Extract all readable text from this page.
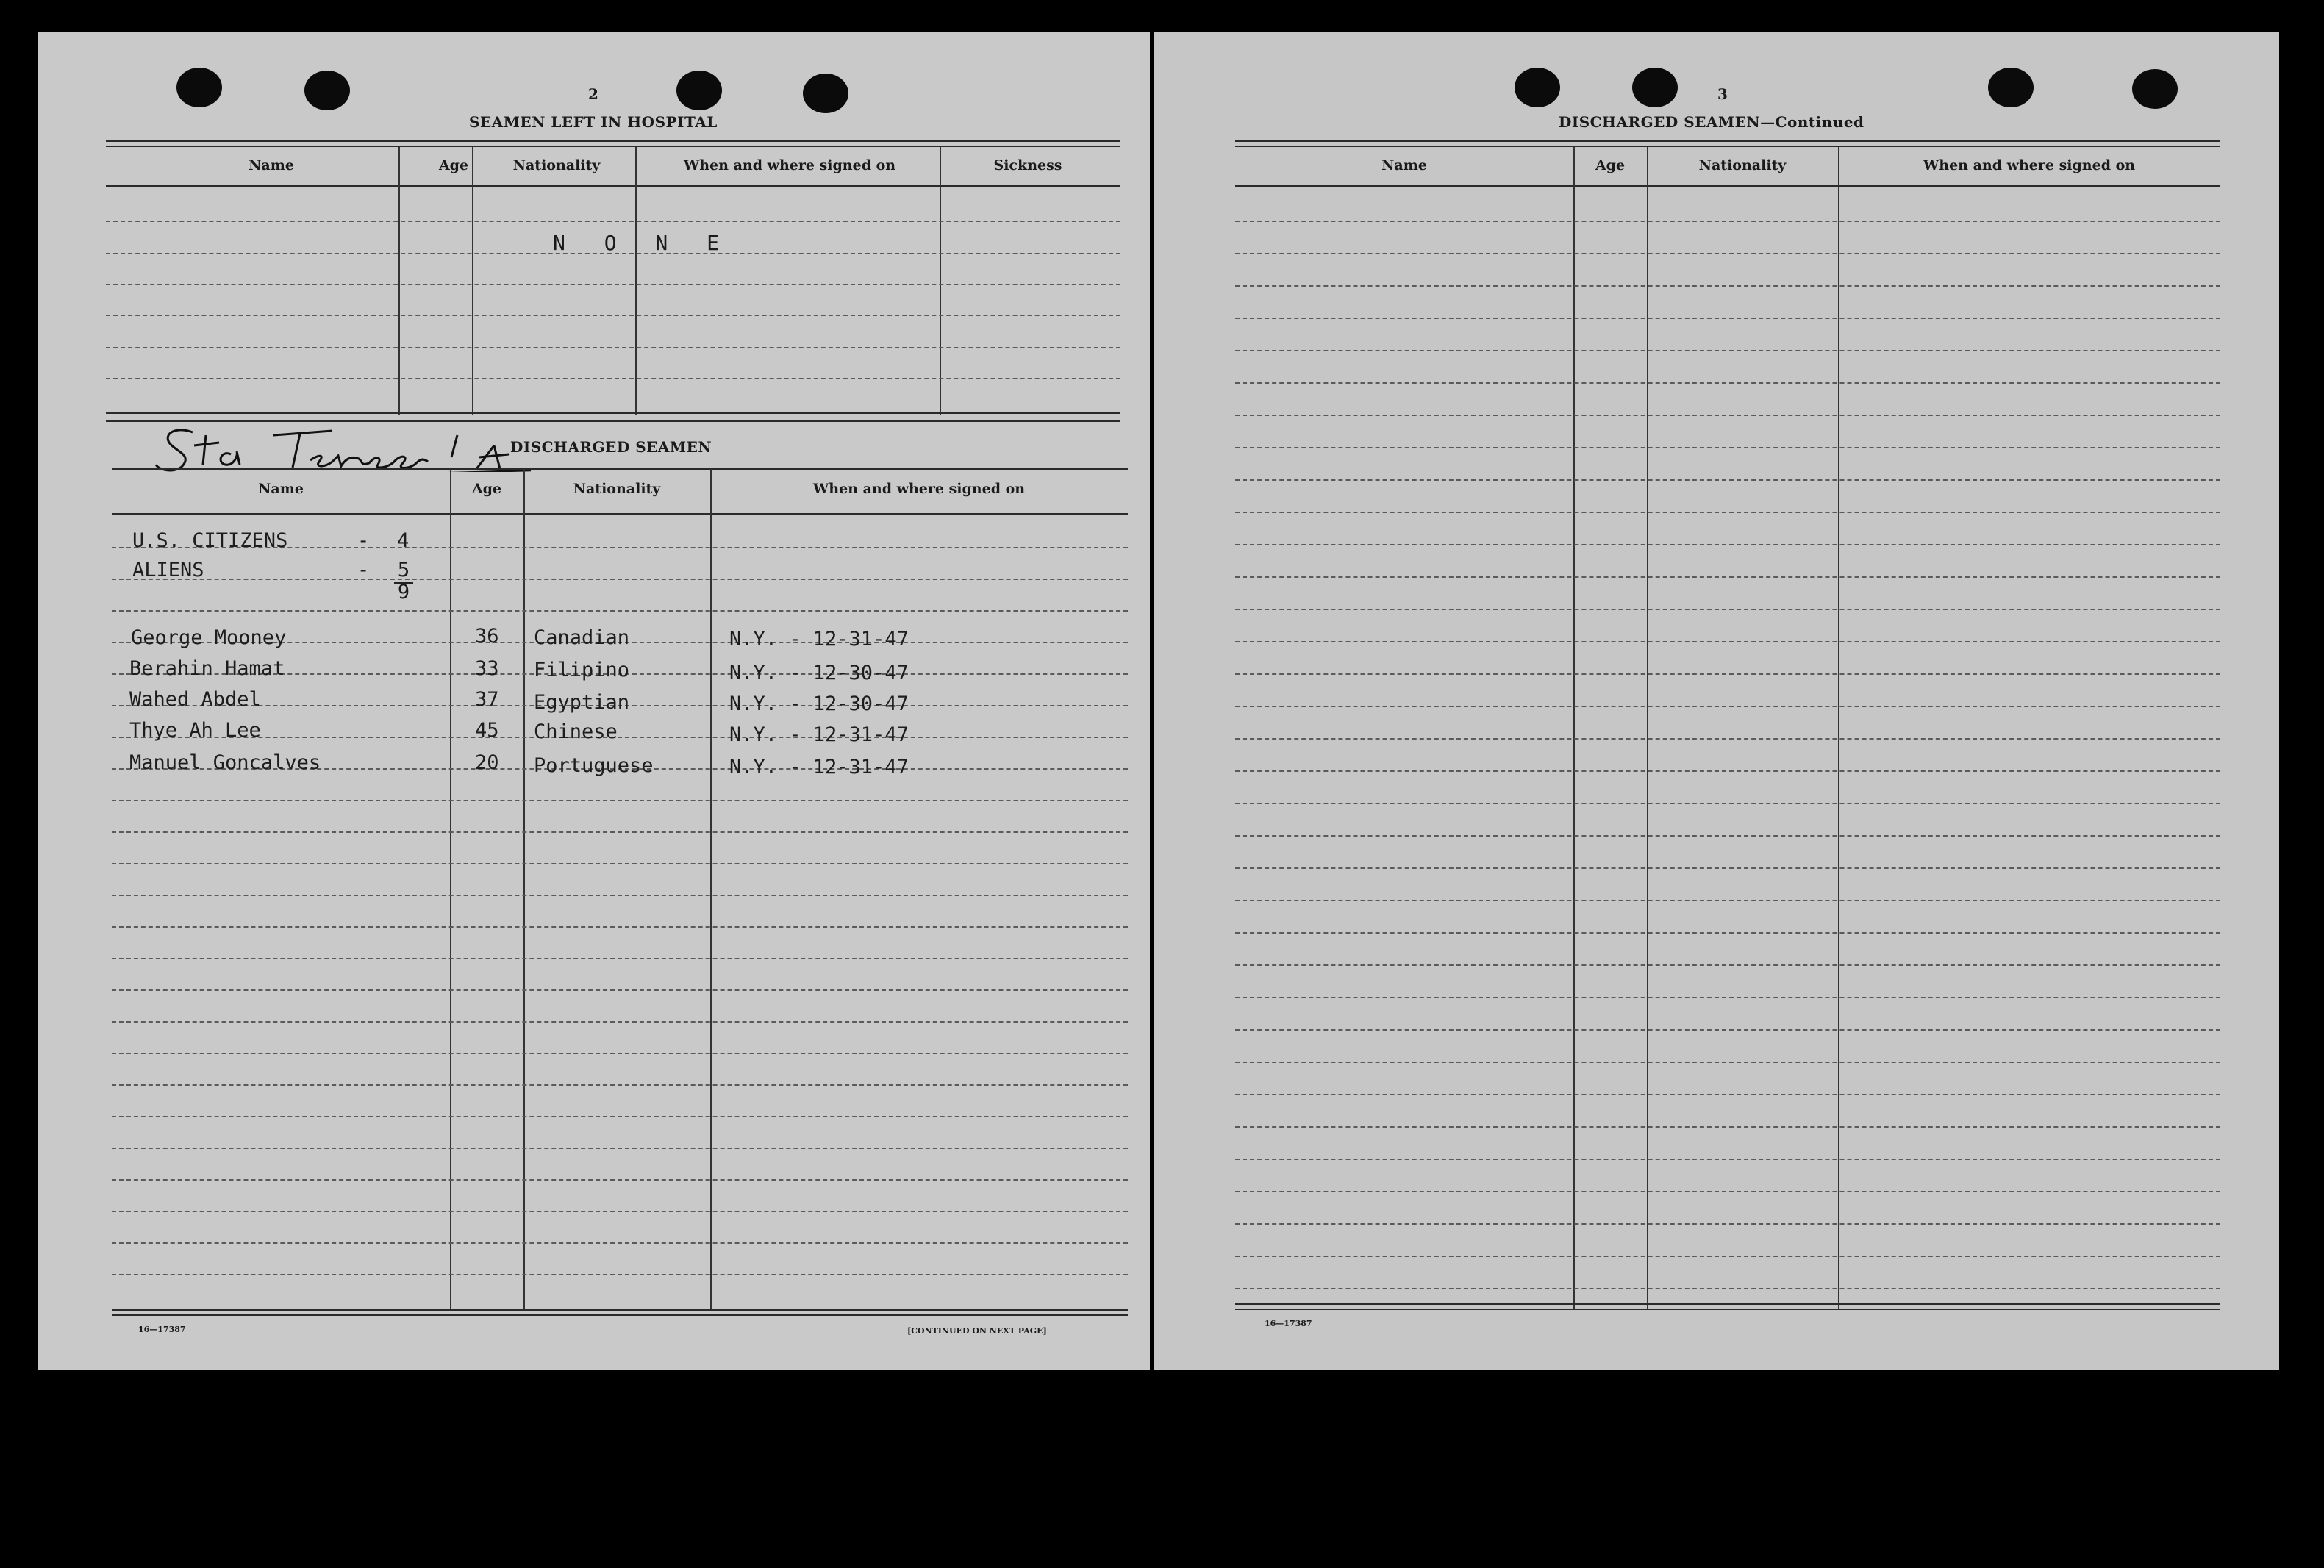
2
SEAMEN LEFT IN HOSPITAL
Name	Age	Nationality	When and where signed on	Sickness
N O N E
DISCHARGED SEAMEN
Name	Age	Nationality	When and where signed on
U.S. CITIZENS	- 4
ALIENS	- 5
9
George Mooney	36 Canadian	N.Y. - 12-31-47
Berahin Hamat	33 Filipino	N.Y. - 12-30-47
Wahed Abdel	37 Egyptian	N.Y. - 12-30-47
Thye Ah Lee	45 Chinese	N.Y. - 12-31-47
Manuel Goncalves	20 Portuguese	N.Y. - 12-31-47
16—17387	[CONTINUED ON NEXT PAGE]
3
DISCHARGED SEAMEN—Continued
Name	Age	Nationality	When and where signed on
16—17387
